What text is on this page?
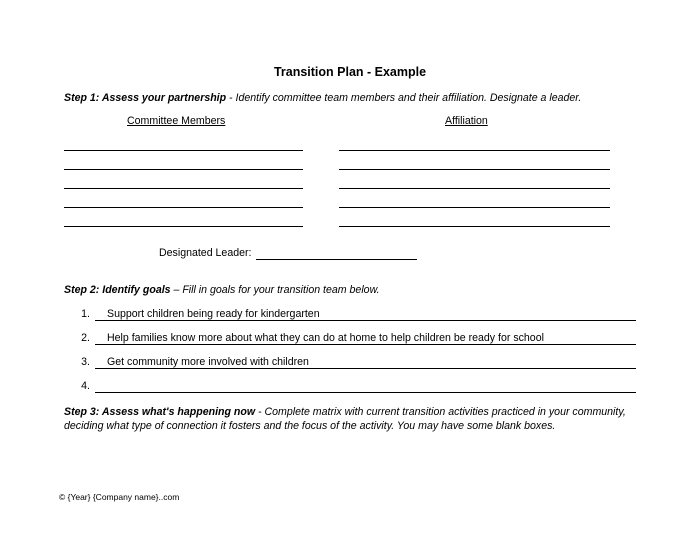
Transition Plan - Example
Step 1: Assess your partnership - Identify committee team members and their affiliation. Designate a leader.
Committee Members	Affiliation
Designated Leader:
Step 2: Identify goals – Fill in goals for your transition team below.
1. Support children being ready for kindergarten
2. Help families know more about what they can do at home to help children be ready for school
3. Get community more involved with children
4.
Step 3: Assess what's happening now - Complete matrix with current transition activities practiced in your community,
deciding what type of connection it fosters and the focus of the activity. You may have some blank boxes.
© {Year} {Company name}..com
